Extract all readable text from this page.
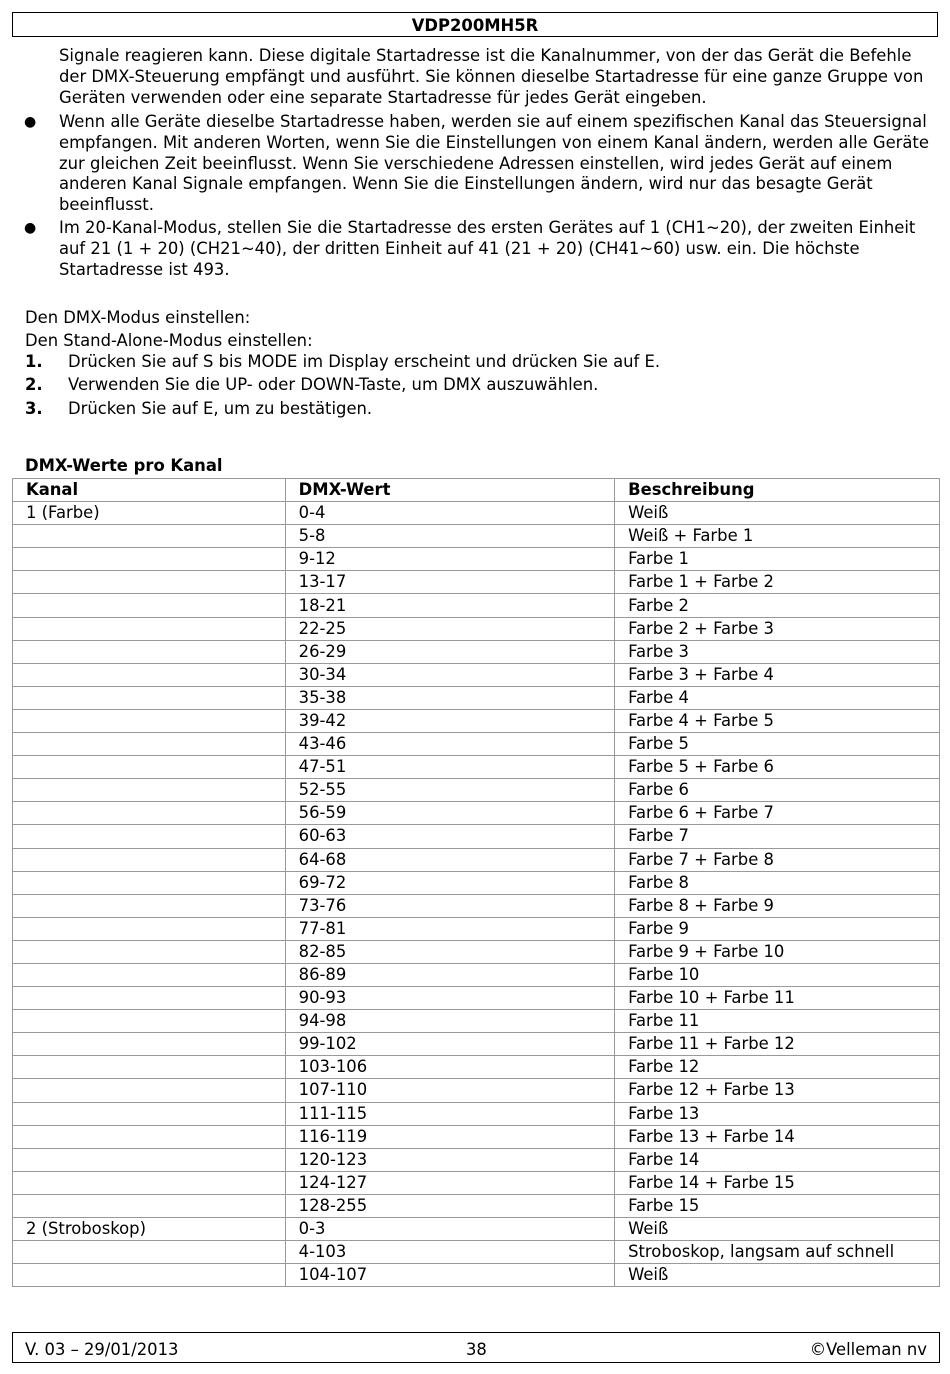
VDP200MH5R

Signale reagieren kann. Diese digitale Startadresse ist die Kanalnummer, von der das Gerät die Befehle der DMX-Steuerung empfängt und ausführt. Sie können dieselbe Startadresse für eine ganze Gruppe von Geräten verwenden oder eine separate Startadresse für jedes Gerät eingeben.

● Wenn alle Geräte dieselbe Startadresse haben, werden sie auf einem spezifischen Kanal das Steuersignal empfangen. Mit anderen Worten, wenn Sie die Einstellungen von einem Kanal ändern, werden alle Geräte zur gleichen Zeit beeinflusst. Wenn Sie verschiedene Adressen einstellen, wird jedes Gerät auf einem anderen Kanal Signale empfangen. Wenn Sie die Einstellungen ändern, wird nur das besagte Gerät beeinflusst.

● Im 20-Kanal-Modus, stellen Sie die Startadresse des ersten Gerätes auf 1 (CH1~20), der zweiten Einheit auf 21 (1 + 20) (CH21~40), der dritten Einheit auf 41 (21 + 20) (CH41~60) usw. ein. Die höchste Startadresse ist 493.

Den DMX-Modus einstellen:

Den Stand-Alone-Modus einstellen:

1. Drücken Sie auf S bis MODE im Display erscheint und drücken Sie auf E.
2. Verwenden Sie die UP- oder DOWN-Taste, um DMX auszuwählen.
3. Drücken Sie auf E, um zu bestätigen.
DMX-Werte pro Kanal
Kanal	DMX-Wert	Beschreibung
1 (Farbe)	0-4	Weiß
	5-8	Weiß + Farbe 1
	9-12	Farbe 1
	13-17	Farbe 1 + Farbe 2
	18-21	Farbe 2
	22-25	Farbe 2 + Farbe 3
	26-29	Farbe 3
	30-34	Farbe 3 + Farbe 4
	35-38	Farbe 4
	39-42	Farbe 4 + Farbe 5
	43-46	Farbe 5
	47-51	Farbe 5 + Farbe 6
	52-55	Farbe 6
	56-59	Farbe 6 + Farbe 7
	60-63	Farbe 7
	64-68	Farbe 7 + Farbe 8
	69-72	Farbe 8
	73-76	Farbe 8 + Farbe 9
	77-81	Farbe 9
	82-85	Farbe 9 + Farbe 10
	86-89	Farbe 10
	90-93	Farbe 10 + Farbe 11
	94-98	Farbe 11
	99-102	Farbe 11 + Farbe 12
	103-106	Farbe 12
	107-110	Farbe 12 + Farbe 13
	111-115	Farbe 13
	116-119	Farbe 13 + Farbe 14
	120-123	Farbe 14
	124-127	Farbe 14 + Farbe 15
	128-255	Farbe 15
2 (Stroboskop)	0-3	Weiß
	4-103	Stroboskop, langsam auf schnell
	104-107	Weiß
V. 03 – 29/01/2013	38	©Velleman nv
